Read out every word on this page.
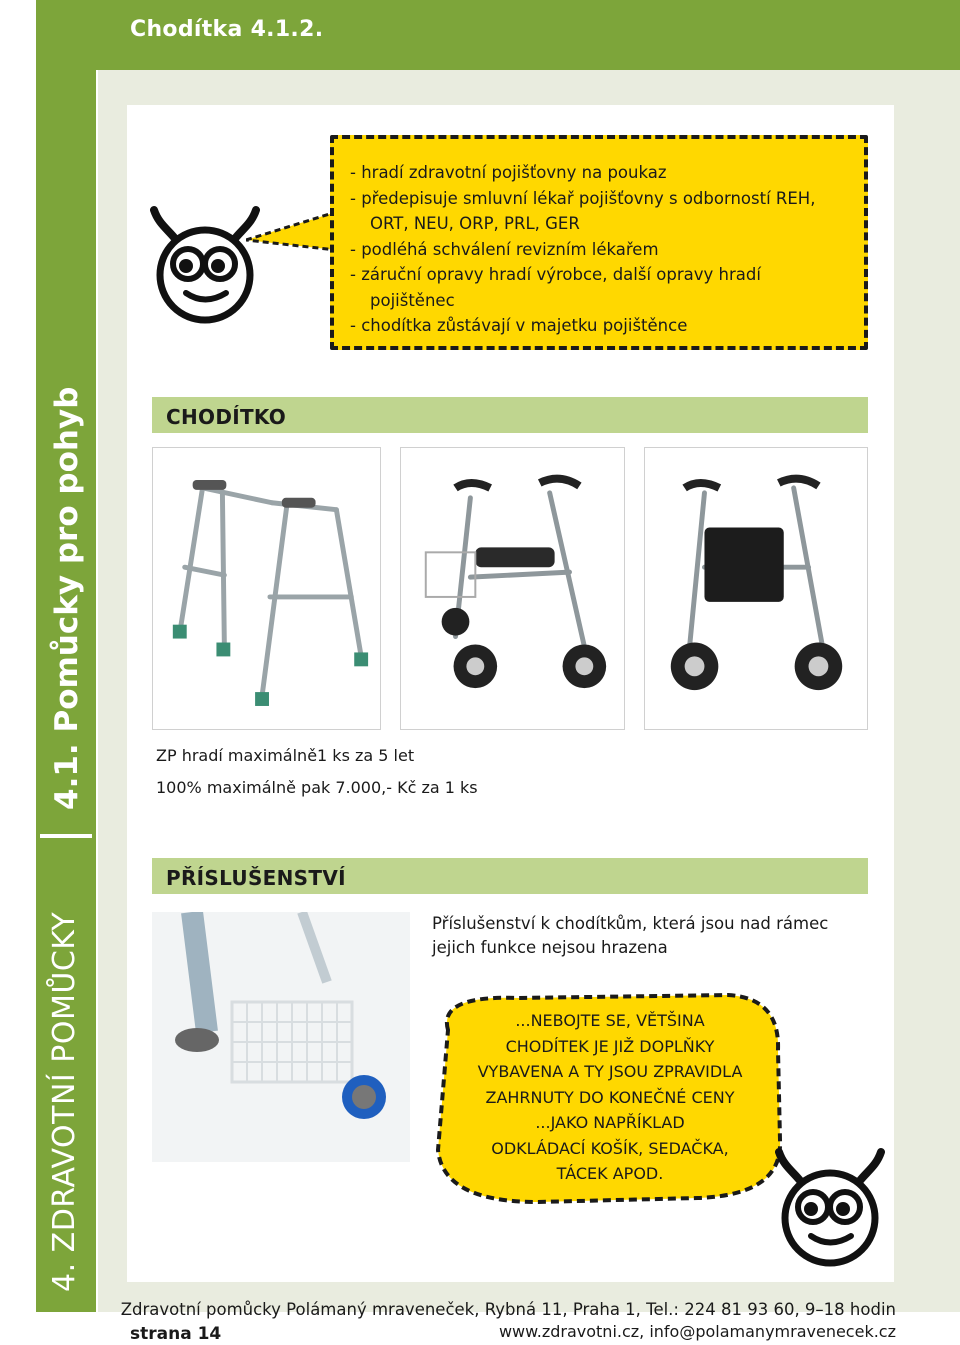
4. ZDRAVOTNÍ POMŮCKY
4.1. Pomůcky pro pohyb
Chodítka 4.1.2.
- hradí zdravotní pojišťovny na poukaz
- předepisuje smluvní lékař pojišťovny s odborností REH,
ORT, NEU, ORP, PRL, GER
- podléhá schválení revizním lékařem
- záruční opravy hradí výrobce, další opravy hradí
pojištěnec
- chodítka zůstávají v majetku pojištěnce
CHODÍTKO
ZP hradí maximálně1 ks za 5 let
100% maximálně pak 7.000,- Kč za 1 ks
PŘÍSLUŠENSTVÍ
Příslušenství k chodítkům, která jsou nad rámec
jejich funkce nejsou hrazena
...NEBOJTE SE, VĚTŠINA
CHODÍTEK JE JIŽ DOPLŇKY
VYBAVENA A TY JSOU ZPRAVIDLA
ZAHRNUTY DO KONEČNÉ CENY
...JAKO NAPŘÍKLAD
ODKLÁDACÍ KOŠÍK, SEDAČKA,
TÁCEK APOD.
strana 14
Zdravotní pomůcky Polámaný mraveneček, Rybná 11, Praha 1, Tel.: 224 81 93 60, 9–18 hodin
www.zdravotni.cz, info@polamanymravenecek.cz
